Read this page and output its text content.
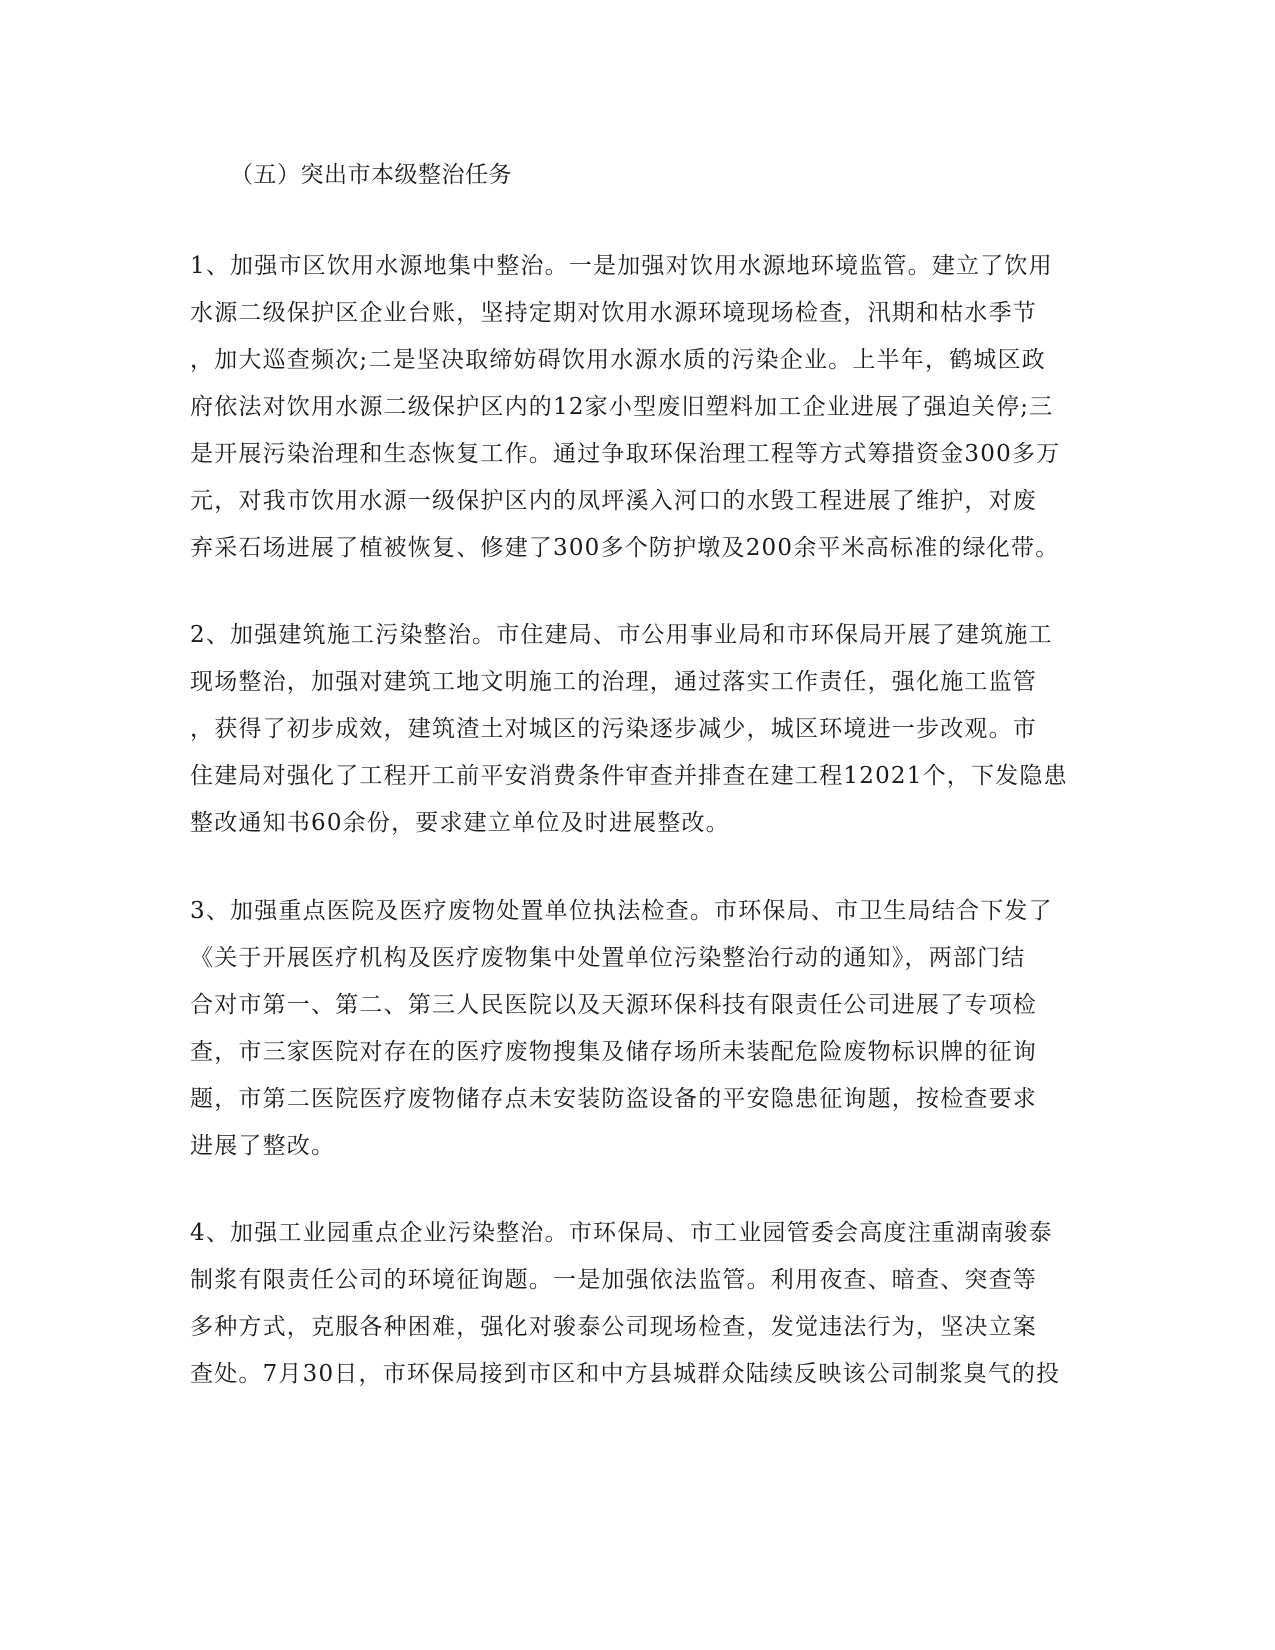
（五）突出市本级整治任务
1、加强市区饮用水源地集中整治。一是加强对饮用水源地环境监管。建立了饮用
水源二级保护区企业台账，坚持定期对饮用水源环境现场检查，汛期和枯水季节
，加大巡查频次;二是坚决取缔妨碍饮用水源水质的污染企业。上半年，鹤城区政
府依法对饮用水源二级保护区内的12家小型废旧塑料加工企业进展了强迫关停;三
是开展污染治理和生态恢复工作。通过争取环保治理工程等方式筹措资金300多万
元，对我市饮用水源一级保护区内的凤坪溪入河口的水毁工程进展了维护，对废
弃采石场进展了植被恢复、修建了300多个防护墩及200余平米高标准的绿化带。
2、加强建筑施工污染整治。市住建局、市公用事业局和市环保局开展了建筑施工
现场整治，加强对建筑工地文明施工的治理，通过落实工作责任，强化施工监管
，获得了初步成效，建筑渣土对城区的污染逐步减少，城区环境进一步改观。市
住建局对强化了工程开工前平安消费条件审查并排查在建工程12021个，下发隐患
整改通知书60余份，要求建立单位及时进展整改。
3、加强重点医院及医疗废物处置单位执法检查。市环保局、市卫生局结合下发了
《关于开展医疗机构及医疗废物集中处置单位污染整治行动的通知》，两部门结
合对市第一、第二、第三人民医院以及天源环保科技有限责任公司进展了专项检
查，市三家医院对存在的医疗废物搜集及储存场所未装配危险废物标识牌的征询
题，市第二医院医疗废物储存点未安装防盗设备的平安隐患征询题，按检查要求
进展了整改。
4、加强工业园重点企业污染整治。市环保局、市工业园管委会高度注重湖南骏泰
制浆有限责任公司的环境征询题。一是加强依法监管。利用夜查、暗查、突查等
多种方式，克服各种困难，强化对骏泰公司现场检查，发觉违法行为，坚决立案
查处。7月30日，市环保局接到市区和中方县城群众陆续反映该公司制浆臭气的投
